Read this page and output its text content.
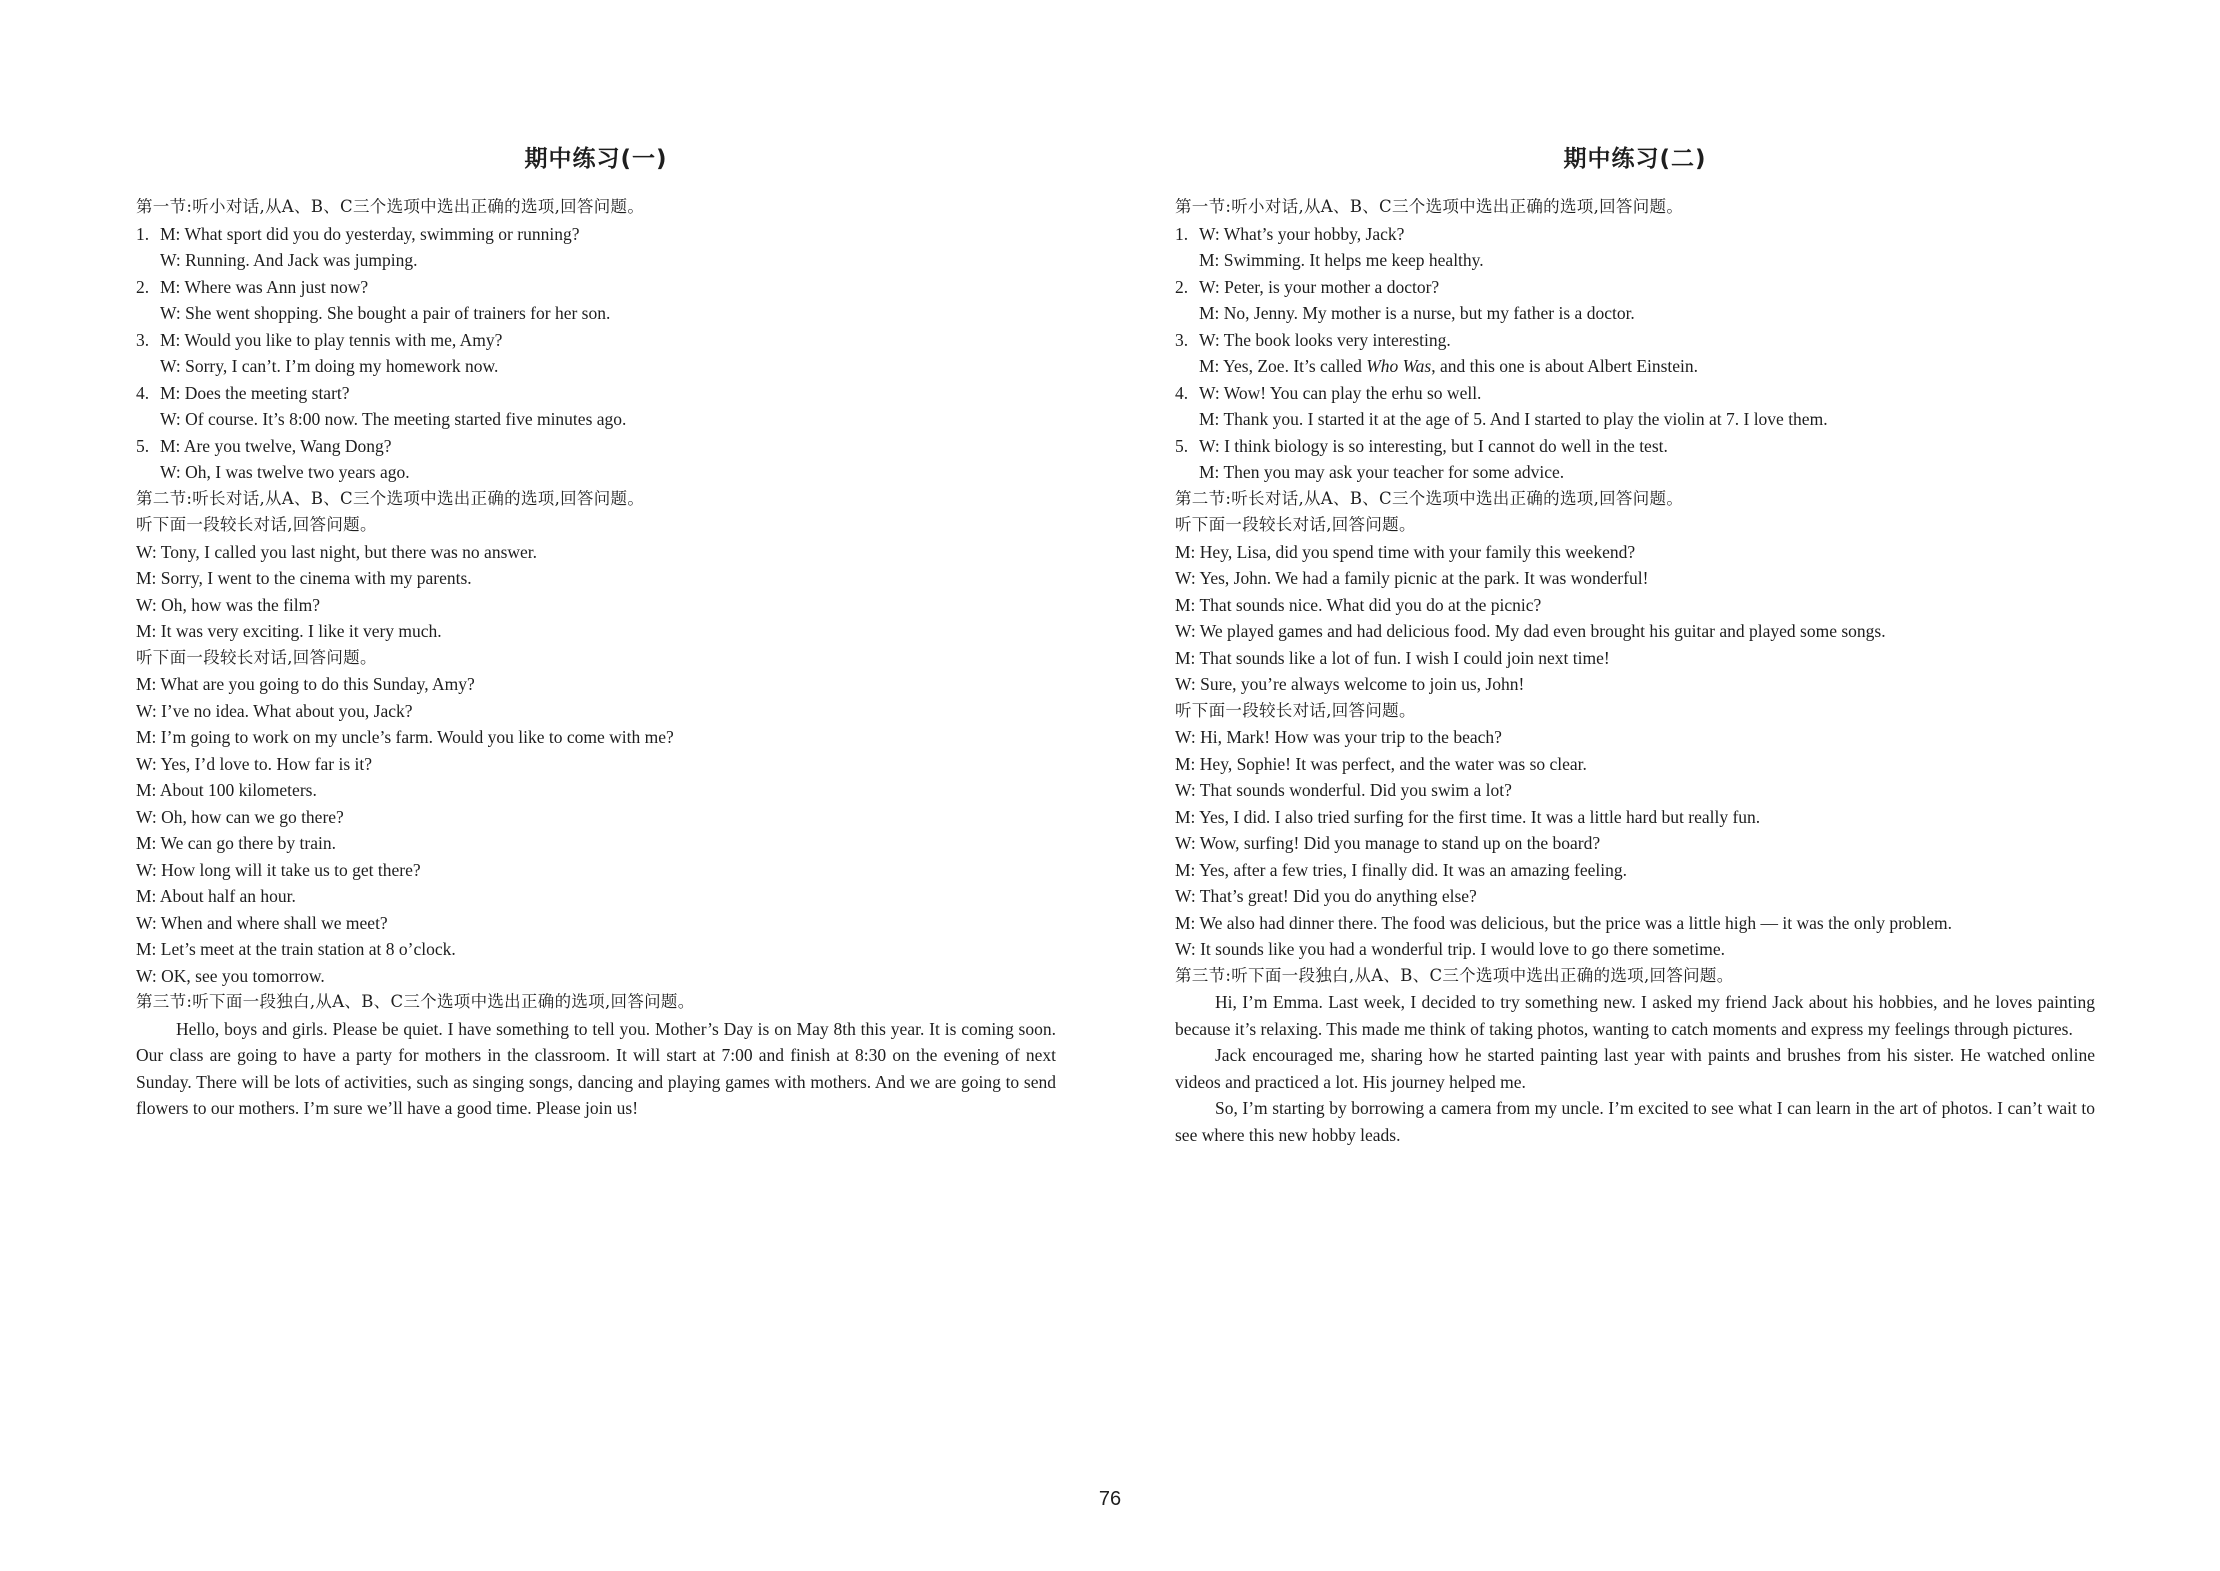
期中练习(一)
第一节:听小对话,从A、B、C三个选项中选出正确的选项,回答问题。
1. M: What sport did you do yesterday, swimming or running?
W: Running. And Jack was jumping.
2. M: Where was Ann just now?
W: She went shopping. She bought a pair of trainers for her son.
3. M: Would you like to play tennis with me, Amy?
W: Sorry, I can’t. I’m doing my homework now.
4. M: Does the meeting start?
W: Of course. It’s 8:00 now. The meeting started five minutes ago.
5. M: Are you twelve, Wang Dong?
W: Oh, I was twelve two years ago.
第二节:听长对话,从A、B、C三个选项中选出正确的选项,回答问题。
听下面一段较长对话,回答问题。
W: Tony, I called you last night, but there was no answer.
M: Sorry, I went to the cinema with my parents.
W: Oh, how was the film?
M: It was very exciting. I like it very much.
听下面一段较长对话,回答问题。
M: What are you going to do this Sunday, Amy?
W: I’ve no idea. What about you, Jack?
M: I’m going to work on my uncle’s farm. Would you like to come with me?
W: Yes, I’d love to. How far is it?
M: About 100 kilometers.
W: Oh, how can we go there?
M: We can go there by train.
W: How long will it take us to get there?
M: About half an hour.
W: When and where shall we meet?
M: Let’s meet at the train station at 8 o’clock.
W: OK, see you tomorrow.
第三节:听下面一段独白,从A、B、C三个选项中选出正确的选项,回答问题。
Hello, boys and girls. Please be quiet. I have something to tell you. Mother’s Day is on May 8th this year. It is coming soon. Our class are going to have a party for mothers in the classroom. It will start at 7:00 and finish at 8:30 on the evening of next Sunday. There will be lots of activities, such as singing songs, dancing and playing games with mothers. And we are going to send flowers to our mothers. I’m sure we’ll have a good time. Please join us!
期中练习(二)
第一节:听小对话,从A、B、C三个选项中选出正确的选项,回答问题。
1. W: What’s your hobby, Jack?
M: Swimming. It helps me keep healthy.
2. W: Peter, is your mother a doctor?
M: No, Jenny. My mother is a nurse, but my father is a doctor.
3. W: The book looks very interesting.
M: Yes, Zoe. It’s called Who Was, and this one is about Albert Einstein.
4. W: Wow! You can play the erhu so well.
M: Thank you. I started it at the age of 5. And I started to play the violin at 7. I love them.
5. W: I think biology is so interesting, but I cannot do well in the test.
M: Then you may ask your teacher for some advice.
第二节:听长对话,从A、B、C三个选项中选出正确的选项,回答问题。
听下面一段较长对话,回答问题。
M: Hey, Lisa, did you spend time with your family this weekend?
W: Yes, John. We had a family picnic at the park. It was wonderful!
M: That sounds nice. What did you do at the picnic?
W: We played games and had delicious food. My dad even brought his guitar and played some songs.
M: That sounds like a lot of fun. I wish I could join next time!
W: Sure, you’re always welcome to join us, John!
听下面一段较长对话,回答问题。
W: Hi, Mark! How was your trip to the beach?
M: Hey, Sophie! It was perfect, and the water was so clear.
W: That sounds wonderful. Did you swim a lot?
M: Yes, I did. I also tried surfing for the first time. It was a little hard but really fun.
W: Wow, surfing! Did you manage to stand up on the board?
M: Yes, after a few tries, I finally did. It was an amazing feeling.
W: That’s great! Did you do anything else?
M: We also had dinner there. The food was delicious, but the price was a little high — it was the only problem.
W: It sounds like you had a wonderful trip. I would love to go there sometime.
第三节:听下面一段独白,从A、B、C三个选项中选出正确的选项,回答问题。
Hi, I’m Emma. Last week, I decided to try something new. I asked my friend Jack about his hobbies, and he loves painting because it’s relaxing. This made me think of taking photos, wanting to catch moments and express my feelings through pictures.
Jack encouraged me, sharing how he started painting last year with paints and brushes from his sister. He watched online videos and practiced a lot. His journey helped me.
So, I’m starting by borrowing a camera from my uncle. I’m excited to see what I can learn in the art of photos. I can’t wait to see where this new hobby leads.
76
